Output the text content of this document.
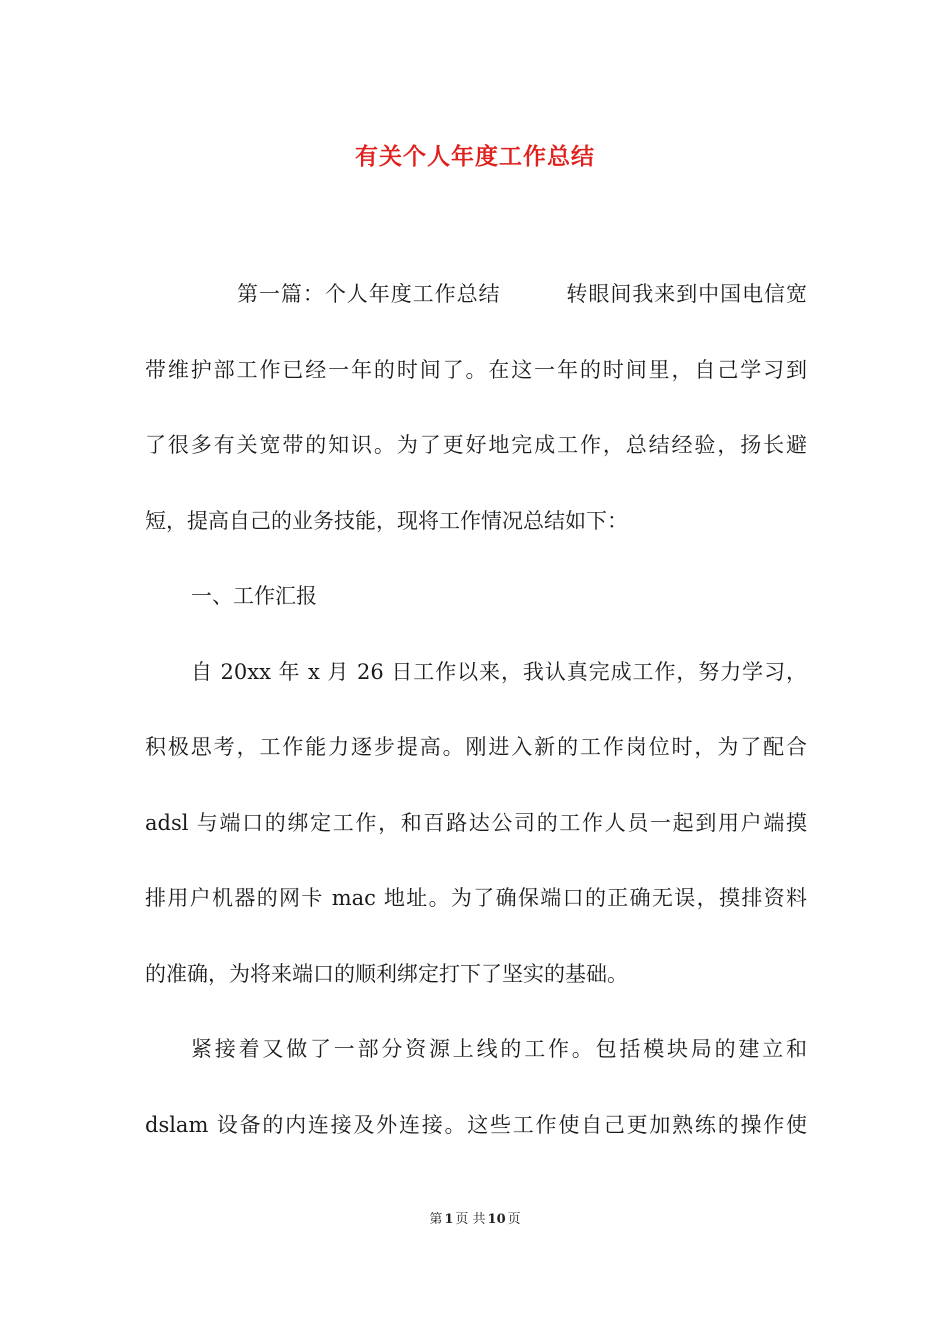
有关个人年度工作总结
第一篇：个人年度工作总结　　　转眼间我来到中国电信宽
带维护部工作已经一年的时间了。在这一年的时间里，自己学习到
了很多有关宽带的知识。为了更好地完成工作，总结经验，扬长避
短，提高自己的业务技能，现将工作情况总结如下：
一、工作汇报
自 20xx 年 x 月 26 日工作以来，我认真完成工作，努力学习，
积极思考，工作能力逐步提高。刚进入新的工作岗位时，为了配合
adsl 与端口的绑定工作，和百路达公司的工作人员一起到用户端摸
排用户机器的网卡 mac 地址。为了确保端口的正确无误，摸排资料
的准确，为将来端口的顺利绑定打下了坚实的基础。
紧接着又做了一部分资源上线的工作。包括模块局的建立和
dslam 设备的内连接及外连接。这些工作使自己更加熟练的操作使
第 1 页 共 10 页
